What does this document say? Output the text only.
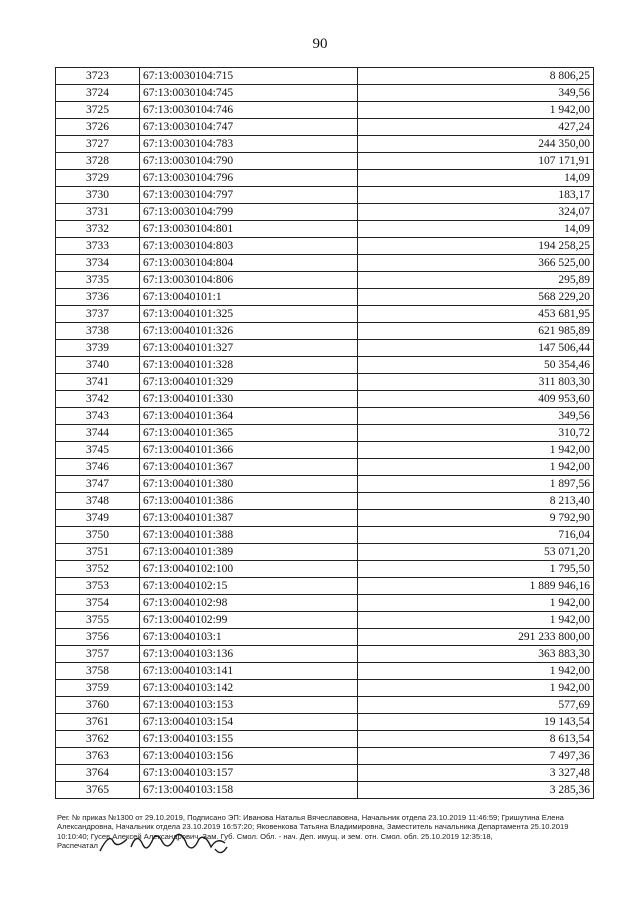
90
3723	67:13:0030104:715	8 806,25
3724	67:13:0030104:745	349,56
3725	67:13:0030104:746	1 942,00
3726	67:13:0030104:747	427,24
3727	67:13:0030104:783	244 350,00
3728	67:13:0030104:790	107 171,91
3729	67:13:0030104:796	14,09
3730	67:13:0030104:797	183,17
3731	67:13:0030104:799	324,07
3732	67:13:0030104:801	14,09
3733	67:13:0030104:803	194 258,25
3734	67:13:0030104:804	366 525,00
3735	67:13:0030104:806	295,89
3736	67:13:0040101:1	568 229,20
3737	67:13:0040101:325	453 681,95
3738	67:13:0040101:326	621 985,89
3739	67:13:0040101:327	147 506,44
3740	67:13:0040101:328	50 354,46
3741	67:13:0040101:329	311 803,30
3742	67:13:0040101:330	409 953,60
3743	67:13:0040101:364	349,56
3744	67:13:0040101:365	310,72
3745	67:13:0040101:366	1 942,00
3746	67:13:0040101:367	1 942,00
3747	67:13:0040101:380	1 897,56
3748	67:13:0040101:386	8 213,40
3749	67:13:0040101:387	9 792,90
3750	67:13:0040101:388	716,04
3751	67:13:0040101:389	53 071,20
3752	67:13:0040102:100	1 795,50
3753	67:13:0040102:15	1 889 946,16
3754	67:13:0040102:98	1 942,00
3755	67:13:0040102:99	1 942,00
3756	67:13:0040103:1	291 233 800,00
3757	67:13:0040103:136	363 883,30
3758	67:13:0040103:141	1 942,00
3759	67:13:0040103:142	1 942,00
3760	67:13:0040103:153	577,69
3761	67:13:0040103:154	19 143,54
3762	67:13:0040103:155	8 613,54
3763	67:13:0040103:156	7 497,36
3764	67:13:0040103:157	3 327,48
3765	67:13:0040103:158	3 285,36
Рег. № приказ №1300 от 29.10.2019, Подписано ЭП: Иванова Наталья Вячеславовна, Начальник отдела 23.10.2019 11:46:59; Гришутина Елена
Александровна, Начальник отдела 23.10.2019 16:57:20; Яковенкова Татьяна Владимировна, Заместитель начальника Департамента 25.10.2019
10:10:40; Гусев Алексей Александрович, Зам. Губ. Смол. Обл. - нач. Деп. имущ. и зем. отн. Смол. обл. 25.10.2019 12:35:18,
Распечатал
